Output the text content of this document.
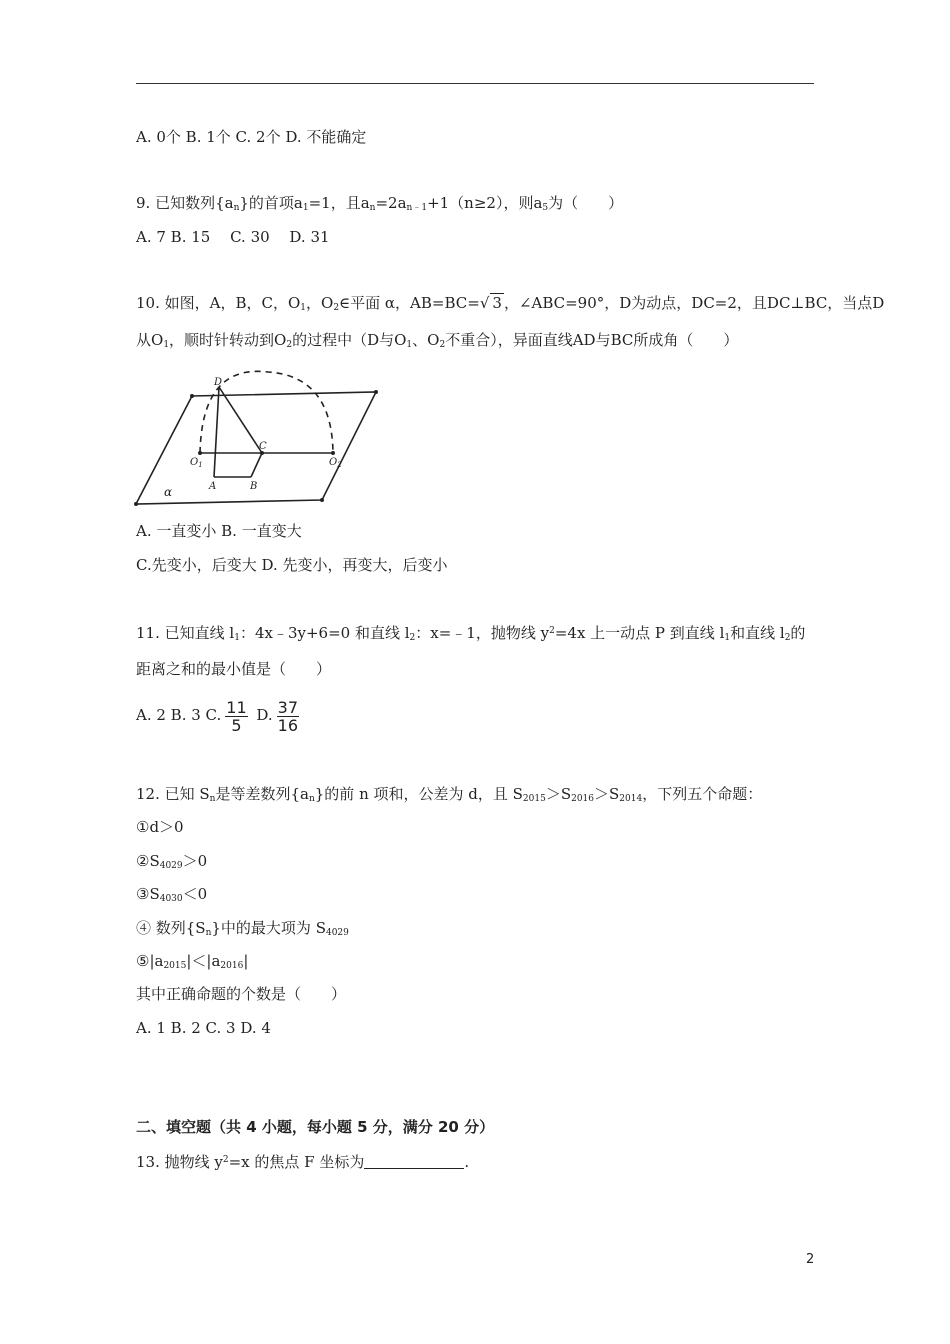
A. 0个 B. 1个 C. 2个 D. 不能确定
9. 已知数列$\{a_n\}$的首项$a_1=1$，且$a_n=2a_{n﹣1}+1(n\ge 2)$，则$a_5$为（　　）
A. 7 B. 15　 C. 30　 D. 31
10. 如图，A，B，C，$O_1$，$O_2\in$平面 α，AB=BC=√ 3 ，∠ABC=90°，D为动点，DC=2，且DC⊥BC，当点D
从$O_1$，顺时针转动到$O_2$的过程中（D与$O_1$、$O_2$不重合），异面直线AD与BC所成角（　　）
D
C
A	B
$O_1$	$O_2$
α
A. 一直变小 B. 一直变大
C.先变小，后变大 D. 先变小，再变大，后变小
11. 已知直线 $l_1$：4x﹣3y+6=0 和直线 $l_2$：x=﹣1，抛物线 $y^2=4x$ 上一动点 P 到直线 $l_1$和直线 $l_2$的
距离之和的最小值是（　　）
A. 2 B. 3 C. $\frac{11}{5} D$. $\frac{37}{16}$
12. 已知 $S_n$是等差数列$\{a_n\}$的前 n 项和，公差为 d，且 $S_{2015}>S_{2016}>S_{2014}$，下列五个命题：
①d＞0
$②S_{4029}>0$
$③S_{4030}<0$
④ 数列$\{S_n\}$中的最大项为 $S_{4029}$
$⑤|a_{2015}|<|a_{2016}|$
其中正确命题的个数是（　　）
A. 1 B. 2 C. 3 D. 4
二、填空题（共 4 小题，每小题 5 分，满分 20 分）
13. 抛物线 $y^2=x$ 的焦点 F 坐标为	.
2
